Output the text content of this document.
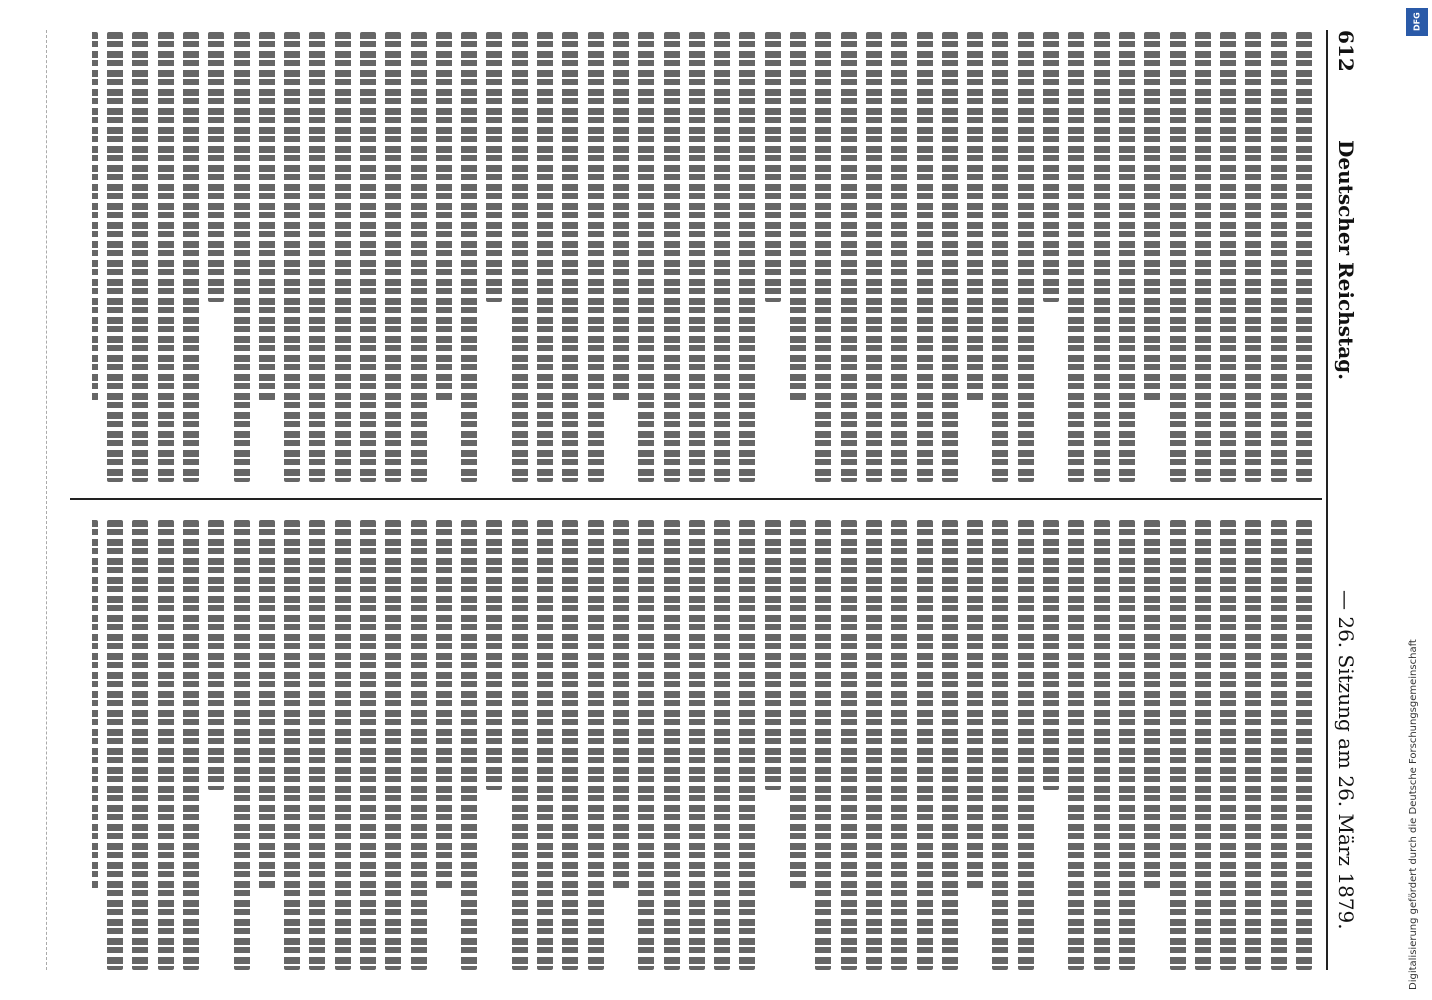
612
Deutscher Reichstag.
— 26. Sitzung am 26. März 1879.	Digitalisierung gefördert durch die Deutsche Forschungsgemeinschaft
DFG
